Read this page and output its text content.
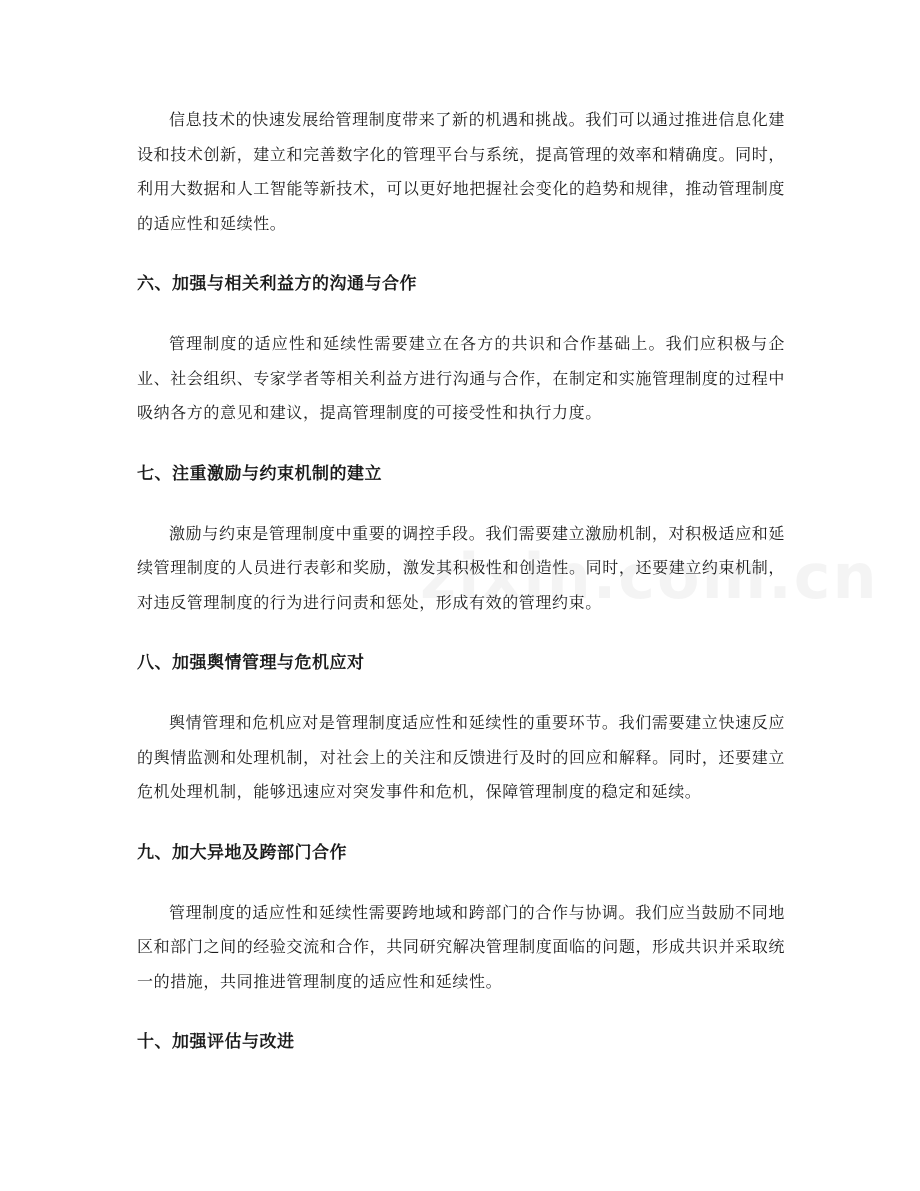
信息技术的快速发展给管理制度带来了新的机遇和挑战。我们可以通过推进信息化建设和技术创新，建立和完善数字化的管理平台与系统，提高管理的效率和精确度。同时，利用大数据和人工智能等新技术，可以更好地把握社会变化的趋势和规律，推动管理制度的适应性和延续性。

六、加强与相关利益方的沟通与合作

管理制度的适应性和延续性需要建立在各方的共识和合作基础上。我们应积极与企业、社会组织、专家学者等相关利益方进行沟通与合作，在制定和实施管理制度的过程中吸纳各方的意见和建议，提高管理制度的可接受性和执行力度。

七、注重激励与约束机制的建立

激励与约束是管理制度中重要的调控手段。我们需要建立激励机制，对积极适应和延续管理制度的人员进行表彰和奖励，激发其积极性和创造性。同时，还要建立约束机制，对违反管理制度的行为进行问责和惩处，形成有效的管理约束。

八、加强舆情管理与危机应对

舆情管理和危机应对是管理制度适应性和延续性的重要环节。我们需要建立快速反应的舆情监测和处理机制，对社会上的关注和反馈进行及时的回应和解释。同时，还要建立危机处理机制，能够迅速应对突发事件和危机，保障管理制度的稳定和延续。

九、加大异地及跨部门合作

管理制度的适应性和延续性需要跨地域和跨部门的合作与协调。我们应当鼓励不同地区和部门之间的经验交流和合作，共同研究解决管理制度面临的问题，形成共识并采取统一的措施，共同推进管理制度的适应性和延续性。

十、加强评估与改进
